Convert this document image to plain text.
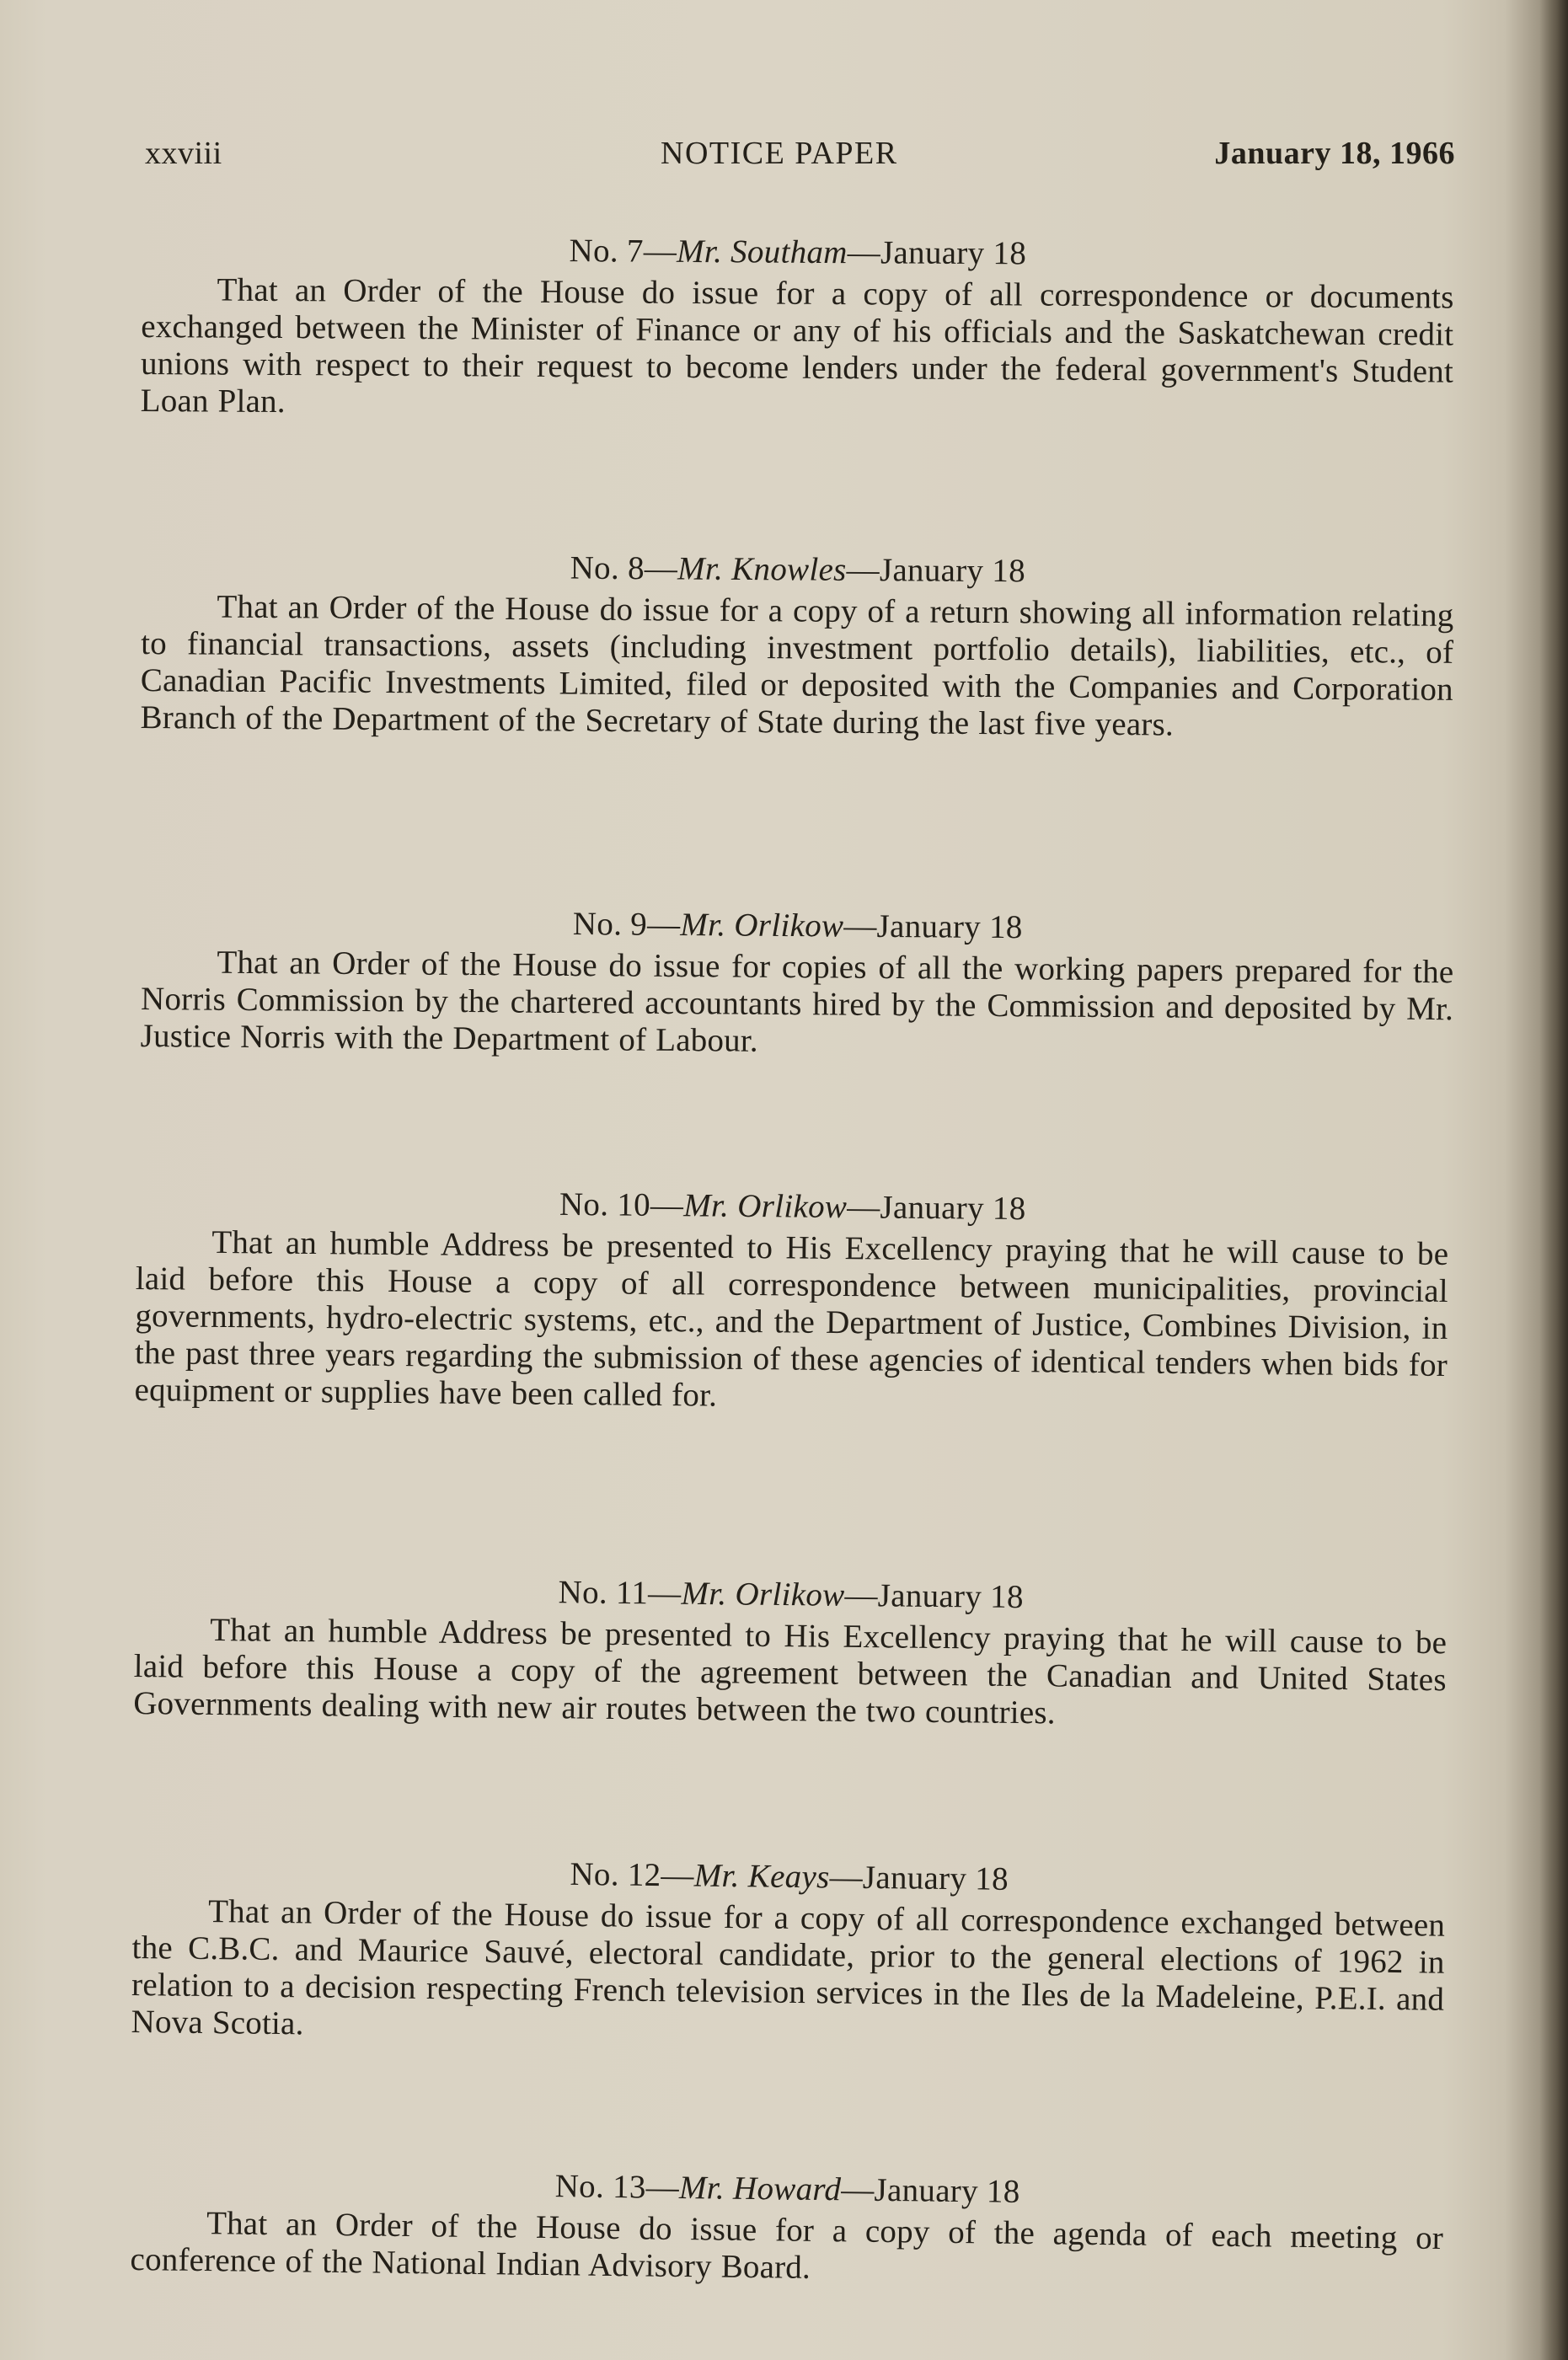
xxviii	NOTICE PAPER	January 18, 1966

No. 7—Mr. Southam—January 18

That an Order of the House do issue for a copy of all correspondence or documents exchanged between the Minister of Finance or any of his officials and the Saskatchewan credit unions with respect to their request to become lenders under the federal government's Student Loan Plan.

No. 8—Mr. Knowles—January 18

That an Order of the House do issue for a copy of a return showing all information relating to financial transactions, assets (including investment portfolio details), liabilities, etc., of Canadian Pacific Investments Limited, filed or deposited with the Companies and Corporation Branch of the Department of the Secretary of State during the last five years.

No. 9—Mr. Orlikow—January 18

That an Order of the House do issue for copies of all the working papers prepared for the Norris Commission by the chartered accountants hired by the Commission and deposited by Mr. Justice Norris with the Department of Labour.

No. 10—Mr. Orlikow—January 18

That an humble Address be presented to His Excellency praying that he will cause to be laid before this House a copy of all correspondence between municipalities, provincial governments, hydro-electric systems, etc., and the Department of Justice, Combines Division, in the past three years regarding the submission of these agencies of identical tenders when bids for equipment or supplies have been called for.

No. 11—Mr. Orlikow—January 18

That an humble Address be presented to His Excellency praying that he will cause to be laid before this House a copy of the agreement between the Canadian and United States Governments dealing with new air routes between the two countries.

No. 12—Mr. Keays—January 18

That an Order of the House do issue for a copy of all correspondence exchanged between the C.B.C. and Maurice Sauvé, electoral candidate, prior to the general elections of 1962 in relation to a decision respecting French television services in the Iles de la Madeleine, P.E.I. and Nova Scotia.

No. 13—Mr. Howard—January 18

That an Order of the House do issue for a copy of the agenda of each meeting or conference of the National Indian Advisory Board.
